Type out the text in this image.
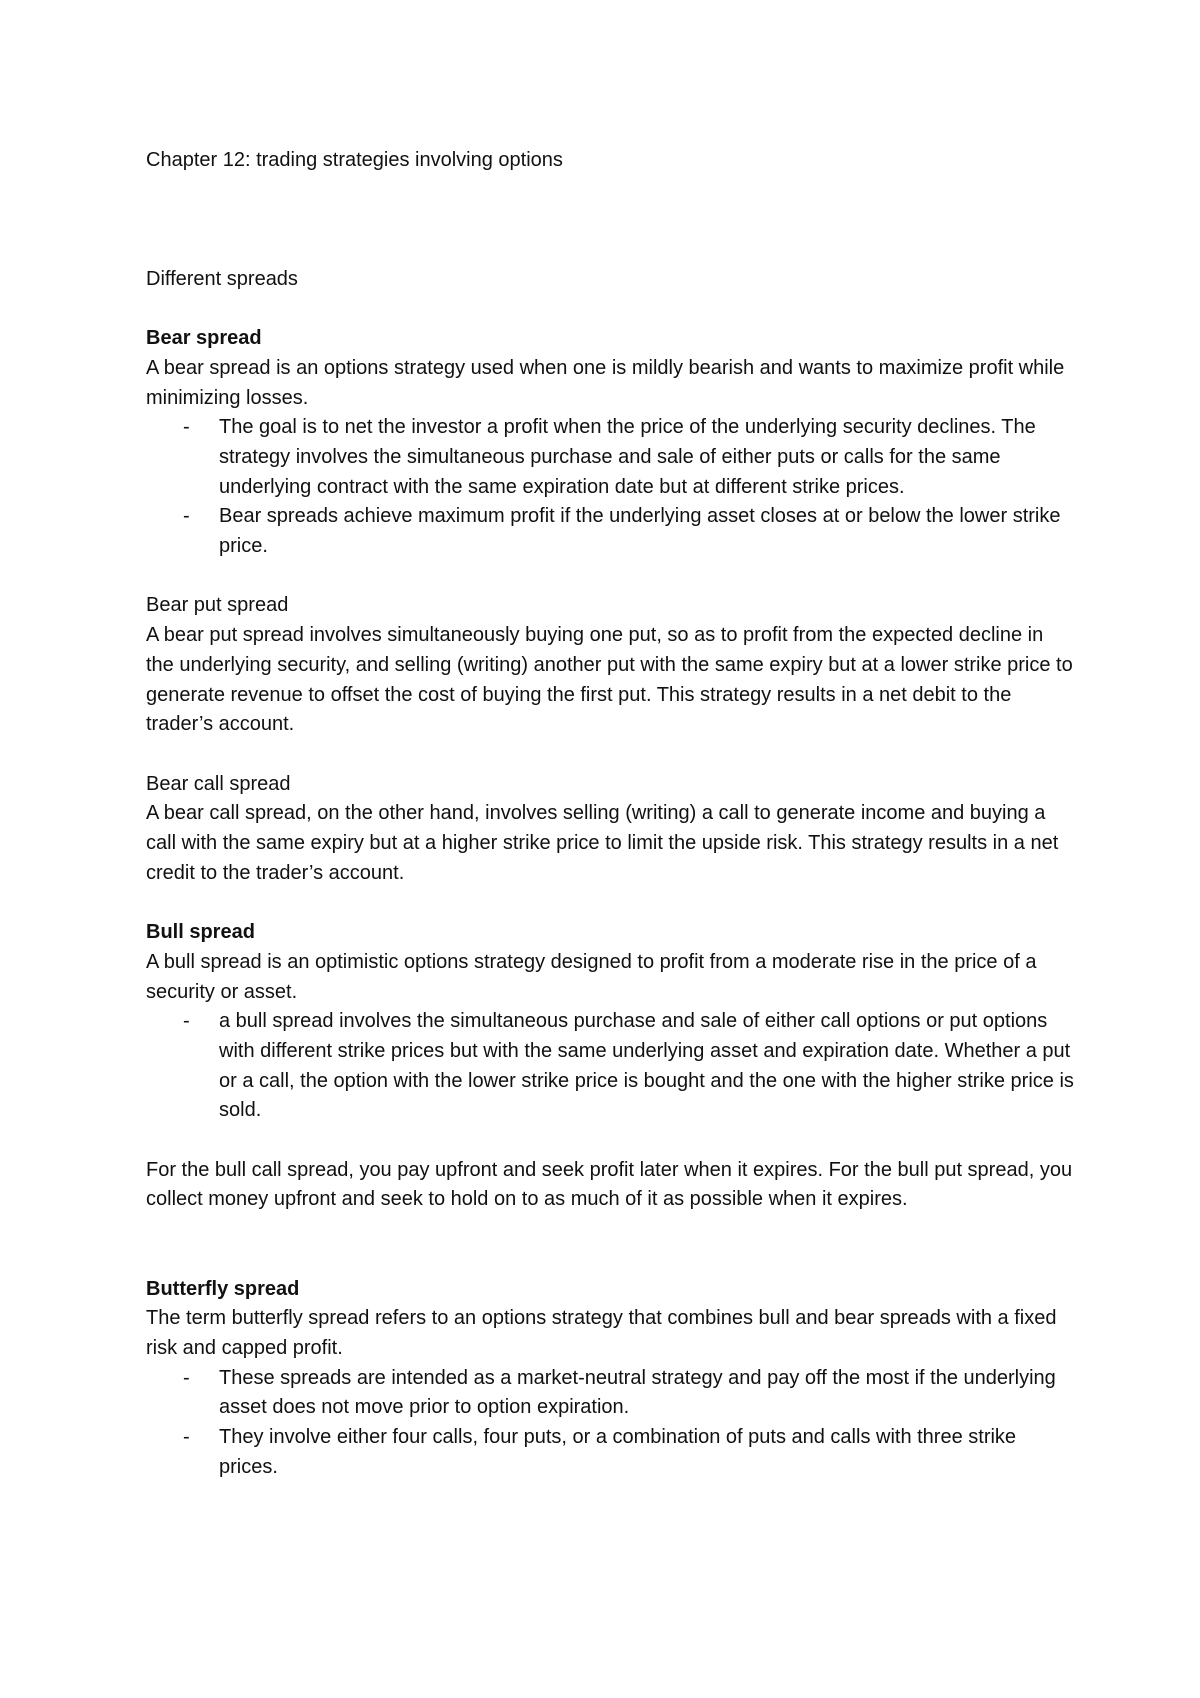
Chapter 12: trading strategies involving options

Different spreads

Bear spread

A bear spread is an options strategy used when one is mildly bearish and wants to maximize profit while minimizing losses.

- The goal is to net the investor a profit when the price of the underlying security declines. The strategy involves the simultaneous purchase and sale of either puts or calls for the same underlying contract with the same expiration date but at different strike prices.
- Bear spreads achieve maximum profit if the underlying asset closes at or below the lower strike price.

Bear put spread

A bear put spread involves simultaneously buying one put, so as to profit from the expected decline in the underlying security, and selling (writing) another put with the same expiry but at a lower strike price to generate revenue to offset the cost of buying the first put. This strategy results in a net debit to the trader’s account.

Bear call spread

A bear call spread, on the other hand, involves selling (writing) a call to generate income and buying a call with the same expiry but at a higher strike price to limit the upside risk. This strategy results in a net credit to the trader’s account.

Bull spread

A bull spread is an optimistic options strategy designed to profit from a moderate rise in the price of a security or asset.

- a bull spread involves the simultaneous purchase and sale of either call options or put options with different strike prices but with the same underlying asset and expiration date. Whether a put or a call, the option with the lower strike price is bought and the one with the higher strike price is sold.

For the bull call spread, you pay upfront and seek profit later when it expires. For the bull put spread, you collect money upfront and seek to hold on to as much of it as possible when it expires.

Butterfly spread

The term butterfly spread refers to an options strategy that combines bull and bear spreads with a fixed risk and capped profit.

- These spreads are intended as a market-neutral strategy and pay off the most if the underlying asset does not move prior to option expiration.
- They involve either four calls, four puts, or a combination of puts and calls with three strike prices.
